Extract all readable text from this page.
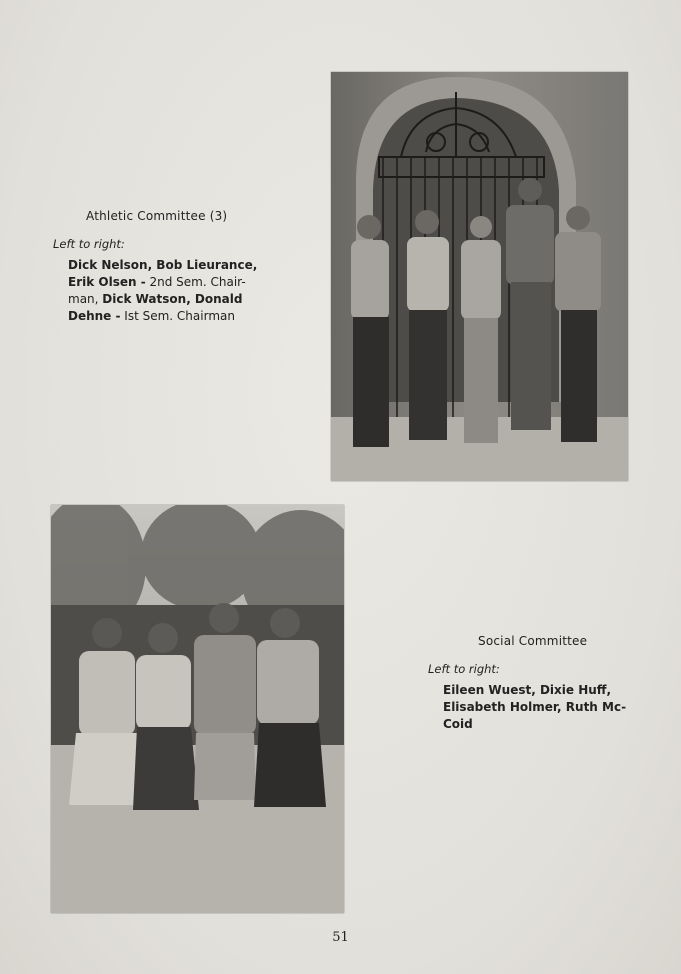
Athletic Committee (3)
Left to right:
Dick Nelson, Bob Lieurance,
Erik Olsen - 2nd Sem. Chair-
man, Dick Watson, Donald
Dehne - Ist Sem. Chairman
Social Committee
Left to right:
Eileen Wuest, Dixie Huff,
Elisabeth Holmer, Ruth Mc-
Coid
51
